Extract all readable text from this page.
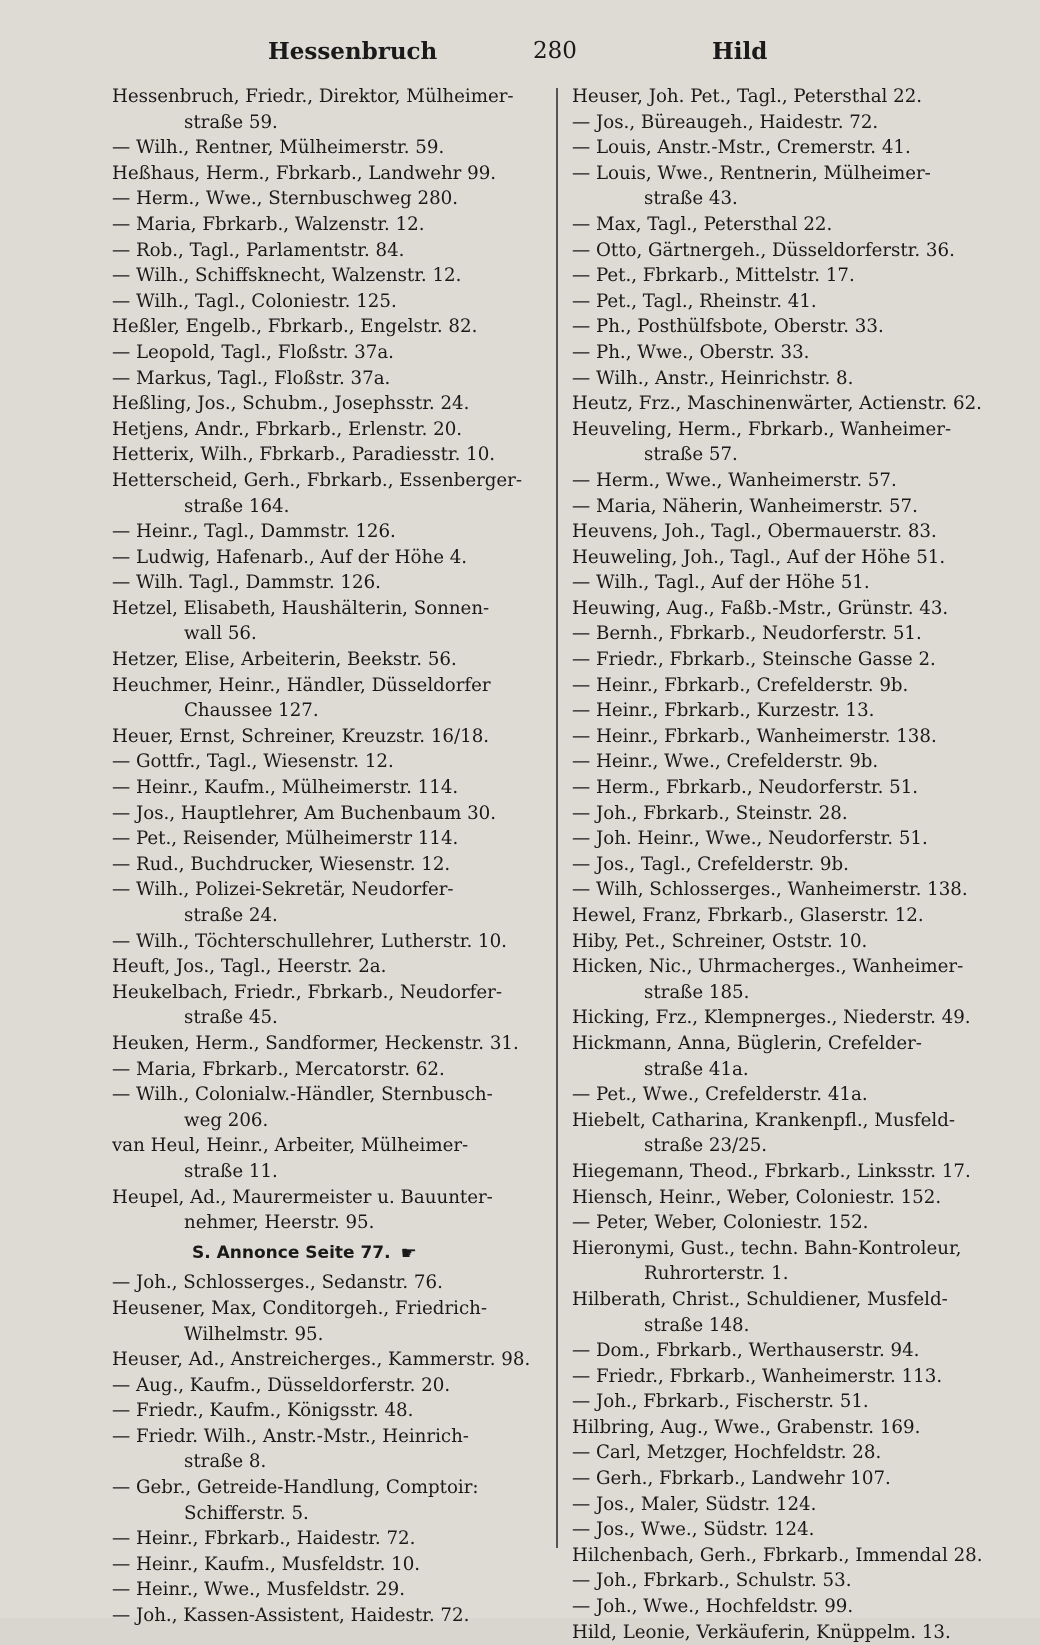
Hessenbruch	280	Hild
Hessenbruch, Friedr., Direktor, Mülheimer-
straße 59.
— Wilh., Rentner, Mülheimerstr. 59.
Heßhaus, Herm., Fbrkarb., Landwehr 99.
— Herm., Wwe., Sternbuschweg 280.
— Maria, Fbrkarb., Walzenstr. 12.
— Rob., Tagl., Parlamentstr. 84.
— Wilh., Schiffsknecht, Walzenstr. 12.
— Wilh., Tagl., Coloniestr. 125.
Heßler, Engelb., Fbrkarb., Engelstr. 82.
— Leopold, Tagl., Floßstr. 37a.
— Markus, Tagl., Floßstr. 37a.
Heßling, Jos., Schubm., Josephsstr. 24.
Hetjens, Andr., Fbrkarb., Erlenstr. 20.
Hetterix, Wilh., Fbrkarb., Paradiesstr. 10.
Hetterscheid, Gerh., Fbrkarb., Essenberger-
straße 164.
— Heinr., Tagl., Dammstr. 126.
— Ludwig, Hafenarb., Auf der Höhe 4.
— Wilh. Tagl., Dammstr. 126.
Hetzel, Elisabeth, Haushälterin, Sonnen-
wall 56.
Hetzer, Elise, Arbeiterin, Beekstr. 56.
Heuchmer, Heinr., Händler, Düsseldorfer
Chaussee 127.
Heuer, Ernst, Schreiner, Kreuzstr. 16/18.
— Gottfr., Tagl., Wiesenstr. 12.
— Heinr., Kaufm., Mülheimerstr. 114.
— Jos., Hauptlehrer, Am Buchenbaum 30.
— Pet., Reisender, Mülheimerstr 114.
— Rud., Buchdrucker, Wiesenstr. 12.
— Wilh., Polizei-Sekretär, Neudorfer-
straße 24.
— Wilh., Töchterschullehrer, Lutherstr. 10.
Heuft, Jos., Tagl., Heerstr. 2a.
Heukelbach, Friedr., Fbrkarb., Neudorfer-
straße 45.
Heuken, Herm., Sandformer, Heckenstr. 31.
— Maria, Fbrkarb., Mercatorstr. 62.
— Wilh., Colonialw.-Händler, Sternbusch-
weg 206.
van Heul, Heinr., Arbeiter, Mülheimer-
straße 11.
Heupel, Ad., Maurermeister u. Bauunter-
nehmer, Heerstr. 95.
S. Annonce Seite 77. ☛
— Joh., Schlosserges., Sedanstr. 76.
Heusener, Max, Conditorgeh., Friedrich-
Wilhelmstr. 95.
Heuser, Ad., Anstreicherges., Kammerstr. 98.
— Aug., Kaufm., Düsseldorferstr. 20.
— Friedr., Kaufm., Königsstr. 48.
— Friedr. Wilh., Anstr.-Mstr., Heinrich-
straße 8.
— Gebr., Getreide-Handlung, Comptoir:
Schifferstr. 5.
— Heinr., Fbrkarb., Haidestr. 72.
— Heinr., Kaufm., Musfeldstr. 10.
— Heinr., Wwe., Musfeldstr. 29.
— Joh., Kassen-Assistent, Haidestr. 72.
Heuser, Joh. Pet., Tagl., Petersthal 22.
— Jos., Büreaugeh., Haidestr. 72.
— Louis, Anstr.-Mstr., Cremerstr. 41.
— Louis, Wwe., Rentnerin, Mülheimer-
straße 43.
— Max, Tagl., Petersthal 22.
— Otto, Gärtnergeh., Düsseldorferstr. 36.
— Pet., Fbrkarb., Mittelstr. 17.
— Pet., Tagl., Rheinstr. 41.
— Ph., Posthülfsbote, Oberstr. 33.
— Ph., Wwe., Oberstr. 33.
— Wilh., Anstr., Heinrichstr. 8.
Heutz, Frz., Maschinenwärter, Actienstr. 62.
Heuveling, Herm., Fbrkarb., Wanheimer-
straße 57.
— Herm., Wwe., Wanheimerstr. 57.
— Maria, Näherin, Wanheimerstr. 57.
Heuvens, Joh., Tagl., Obermauerstr. 83.
Heuweling, Joh., Tagl., Auf der Höhe 51.
— Wilh., Tagl., Auf der Höhe 51.
Heuwing, Aug., Faßb.-Mstr., Grünstr. 43.
— Bernh., Fbrkarb., Neudorferstr. 51.
— Friedr., Fbrkarb., Steinsche Gasse 2.
— Heinr., Fbrkarb., Crefelderstr. 9b.
— Heinr., Fbrkarb., Kurzestr. 13.
— Heinr., Fbrkarb., Wanheimerstr. 138.
— Heinr., Wwe., Crefelderstr. 9b.
— Herm., Fbrkarb., Neudorferstr. 51.
— Joh., Fbrkarb., Steinstr. 28.
— Joh. Heinr., Wwe., Neudorferstr. 51.
— Jos., Tagl., Crefelderstr. 9b.
— Wilh, Schlosserges., Wanheimerstr. 138.
Hewel, Franz, Fbrkarb., Glaserstr. 12.
Hiby, Pet., Schreiner, Oststr. 10.
Hicken, Nic., Uhrmacherges., Wanheimer-
straße 185.
Hicking, Frz., Klempnerges., Niederstr. 49.
Hickmann, Anna, Büglerin, Crefelder-
straße 41a.
— Pet., Wwe., Crefelderstr. 41a.
Hiebelt, Catharina, Krankenpfl., Musfeld-
straße 23/25.
Hiegemann, Theod., Fbrkarb., Linksstr. 17.
Hiensch, Heinr., Weber, Coloniestr. 152.
— Peter, Weber, Coloniestr. 152.
Hieronymi, Gust., techn. Bahn-Kontroleur,
Ruhrorterstr. 1.
Hilberath, Christ., Schuldiener, Musfeld-
straße 148.
— Dom., Fbrkarb., Werthauserstr. 94.
— Friedr., Fbrkarb., Wanheimerstr. 113.
— Joh., Fbrkarb., Fischerstr. 51.
Hilbring, Aug., Wwe., Grabenstr. 169.
— Carl, Metzger, Hochfeldstr. 28.
— Gerh., Fbrkarb., Landwehr 107.
— Jos., Maler, Südstr. 124.
— Jos., Wwe., Südstr. 124.
Hilchenbach, Gerh., Fbrkarb., Immendal 28.
— Joh., Fbrkarb., Schulstr. 53.
— Joh., Wwe., Hochfeldstr. 99.
Hild, Leonie, Verkäuferin, Knüppelm. 13.
